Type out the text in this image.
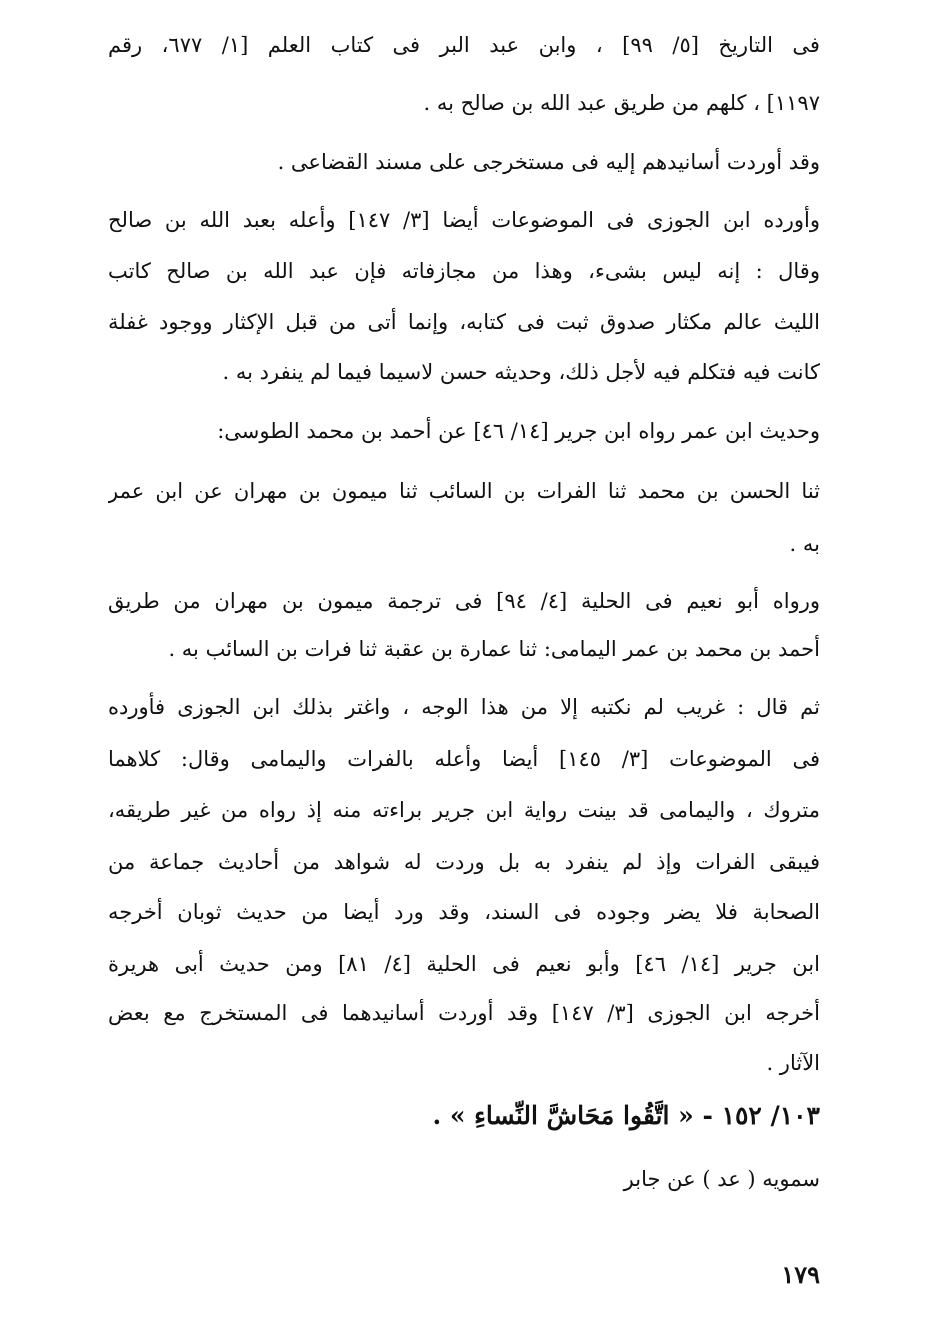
فى التاريخ [٥/ ٩٩] ، وابن عبد البر فى كتاب العلم [١/ ٦٧٧، رقم
١١٩٧] ، كلهم من طريق عبد الله بن صالح به .
وقد أوردت أسانيدهم إليه فى مستخرجى على مسند القضاعى .
وأورده ابن الجوزى فى الموضوعات أيضا [٣/ ١٤٧] وأعله بعبد الله بن صالح
وقال : إنه ليس بشىء، وهذا من مجازفاته فإن عبد الله بن صالح كاتب
الليث عالم مكثار صدوق ثبت فى كتابه، وإنما أتى من قبل الإكثار ووجود غفلة
كانت فيه فتكلم فيه لأجل ذلك، وحديثه حسن لاسيما فيما لم ينفرد به .
وحديث ابن عمر رواه ابن جرير [١٤/ ٤٦] عن أحمد بن محمد الطوسى:
ثنا الحسن بن محمد ثنا الفرات بن السائب ثنا ميمون بن مهران عن ابن عمر
به .
ورواه أبو نعيم فى الحلية [٤/ ٩٤] فى ترجمة ميمون بن مهران من طريق
أحمد بن محمد بن عمر اليمامى: ثنا عمارة بن عقبة ثنا فرات بن السائب به .
ثم قال : غريب لم نكتبه إلا من هذا الوجه ، واغتر بذلك ابن الجوزى فأورده
فى الموضوعات [٣/ ١٤٥] أيضا وأعله بالفرات واليمامى وقال: كلاهما
متروك ، واليمامى قد بينت رواية ابن جرير براءته منه إذ رواه من غير طريقه،
فيبقى الفرات وإذ لم ينفرد به بل وردت له شواهد من أحاديث جماعة من
الصحابة فلا يضر وجوده فى السند، وقد ورد أيضا من حديث ثوبان أخرجه
ابن جرير [١٤/ ٤٦] وأبو نعيم فى الحلية [٤/ ٨١] ومن حديث أبى هريرة
أخرجه ابن الجوزى [٣/ ١٤٧] وقد أوردت أسانيدهما فى المستخرج مع بعض
الآثار .
١٠٣/ ١٥٢ - « اتَّقُوا مَحَاشَّ النِّساءِ » .
سمويه ( عد ) عن جابر
١٧٩
